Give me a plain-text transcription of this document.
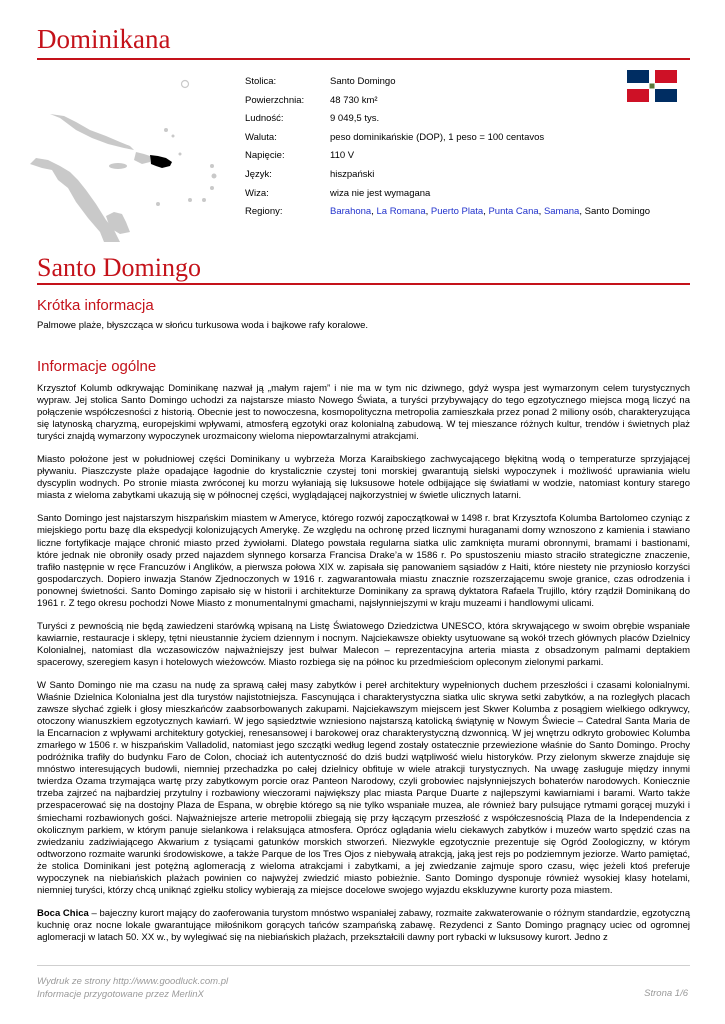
Dominikana
Stolica:	Santo Domingo
Powierzchnia:	48 730 km²
Ludność:	9 049,5 tys.
Waluta:	peso dominikańskie (DOP), 1 peso = 100 centavos
Napięcie:	110 V
Język:	hiszpański
Wiza:	wiza nie jest wymagana
Regiony:	Barahona, La Romana, Puerto Plata, Punta Cana, Samana, Santo Domingo
Santo Domingo
Krótka informacja

Palmowe plaże, błyszcząca w słońcu turkusowa woda i bajkowe rafy koralowe.

Informacje ogólne

Krzysztof Kolumb odkrywając Dominikanę nazwał ją „małym rajem” i nie ma w tym nic dziwnego, gdyż wyspa jest wymarzonym celem turystycznych wypraw. Jej stolica Santo Domingo uchodzi za najstarsze miasto Nowego Świata, a turyści przybywający do tego egzotycznego miejsca mogą liczyć na połączenie współczesności z historią. Obecnie jest to nowoczesna, kosmopolityczna metropolia zamieszkała przez ponad 2 miliony osób, charakteryzująca się latynoską charyzmą, europejskimi wpływami, atmosferą egzotyki oraz kolonialną zabudową. W tej mieszance różnych kultur, trendów i świetnych plaż turyści znajdą wymarzony wypoczynek urozmaicony wieloma niepowtarzalnymi atrakcjami.

Miasto położone jest w południowej części Dominikany u wybrzeża Morza Karaibskiego zachwycającego błękitną wodą o temperaturze sprzyjającej pływaniu. Piaszczyste plaże opadające łagodnie do krystalicznie czystej toni morskiej gwarantują sielski wypoczynek i możliwość uprawiania wielu dyscyplin wodnych. Po stronie miasta zwróconej ku morzu wyłaniają się luksusowe hotele odbijające się światłami w wodzie, natomiast kontury starego miasta z wieloma zabytkami ukazują się w północnej części, wyglądającej najkorzystniej w świetle ulicznych latarni.

Santo Domingo jest najstarszym hiszpańskim miastem w Ameryce, którego rozwój zapoczątkował w 1498 r. brat Krzysztofa Kolumba Bartolomeo czyniąc z miejskiego portu bazę dla ekspedycji kolonizujących Amerykę. Ze względu na ochronę przed licznymi huraganami domy wznoszono z kamienia i stawiano liczne fortyfikacje mające chronić miasto przed żywiołami. Dlatego powstała regularna siatka ulic zamknięta murami obronnymi, bramami i bastionami, które jednak nie obroniły osady przed najazdem słynnego korsarza Francisa Drake’a w 1586 r. Po spustoszeniu miasto straciło strategiczne znaczenie, trafiło następnie w ręce Francuzów i Anglików, a pierwsza połowa XIX w. zapisała się panowaniem sąsiadów z Haiti, które niestety nie przyniosło korzyści gospodarczych. Dopiero inwazja Stanów Zjednoczonych w 1916 r. zagwarantowała miastu znacznie rozszerzającemu swoje granice, czas odrodzenia i ponownej świetności. Santo Domingo zapisało się w historii i architekturze Dominikany za sprawą dyktatora Rafaela Trujillo, który rządził Dominikaną do 1961 r. Z tego okresu pochodzi Nowe Miasto z monumentalnymi gmachami, najsłynniejszymi w kraju muzeami i handlowymi ulicami.

Turyści z pewnością nie będą zawiedzeni starówką wpisaną na Listę Światowego Dziedzictwa UNESCO, która skrywającego w swoim obrębie wspaniałe kawiarnie, restauracje i sklepy, tętni nieustannie życiem dziennym i nocnym. Najciekawsze obiekty usytuowane są wokół trzech głównych placów Dzielnicy Kolonialnej, natomiast dla wczasowiczów najważniejszy jest bulwar Malecon – reprezentacyjna arteria miasta z obsadzonym palmami deptakiem spacerowy, szeregiem kasyn i hotelowych wieżowców. Miasto rozbiega się na północ ku przedmieściom opleconym zielonymi parkami.

W Santo Domingo nie ma czasu na nudę za sprawą całej masy zabytków i pereł architektury wypełnionych duchem przeszłości i czasami kolonialnymi. Właśnie Dzielnica Kolonialna jest dla turystów najistotniejsza. Fascynująca i charakterystyczna siatka ulic skrywa setki zabytków, a na rozległych placach zawsze słychać zgiełk i głosy mieszkańców zaabsorbowanych zakupami. Najciekawszym miejscem jest Skwer Kolumba z posągiem wielkiego odkrywcy, otoczony wianuszkiem egzotycznych kawiarń. W jego sąsiedztwie wzniesiono najstarszą katolicką świątynię w Nowym Świecie – Catedral Santa Maria de la Encarnacion z wpływami architektury gotyckiej, renesansowej i barokowej oraz charakterystyczną dzwonnicą. W jej wnętrzu odkryto grobowiec Kolumba zmarłego w 1506 r. w hiszpańskim Valladolid, natomiast jego szczątki według legend zostały ostatecznie przewiezione właśnie do Santo Domingo. Prochy podróżnika trafiły do budynku Faro de Colon, chociaż ich autentyczność do dziś budzi wątpliwość wielu historyków. Przy zielonym skwerze znajduje się mnóstwo interesujących budowli, niemniej przechadzka po całej dzielnicy obfituje w wiele atrakcji turystycznych. Na uwagę zasługuje między innymi twierdza Ozama trzymająca wartę przy zabytkowym porcie oraz Panteon Narodowy, czyli grobowiec najsłynniejszych bohaterów narodowych. Koniecznie trzeba zajrzeć na najbardziej przytulny i rozbawiony wieczorami największy plac miasta Parque Duarte z najlepszymi kawiarniami i barami. Warto także przespacerować się na dostojny Plaza de Espana, w obrębie którego są nie tylko wspaniałe muzea, ale również bary pulsujące rytmami gorącej muzyki i śmiechami rozbawionych gości. Najważniejsze arterie metropolii zbiegają się przy łączącym przeszłość z współczesnością Plaza de la Independencia z okolicznym parkiem, w którym panuje sielankowa i relaksująca atmosfera. Oprócz oglądania wielu ciekawych zabytków i muzeów warto spędzić czas na zwiedzaniu zadziwiającego Akwarium z tysiącami gatunków morskich stworzeń. Niezwykle egzotycznie prezentuje się Ogród Zoologiczny, w którym odtworzono rozmaite warunki środowiskowe, a także Parque de los Tres Ojos z niebywałą atrakcją, jaką jest rejs po podziemnym jeziorze. Warto pamiętać, że stolica Dominikani jest potężną aglomeracją z wieloma atrakcjami i zabytkami, a jej zwiedzanie zajmuje sporo czasu, więc jeżeli ktoś preferuje wypoczynek na niebiańskich plażach powinien co najwyżej zwiedzić miasto pobieżnie. Santo Domingo dysponuje również wysokiej klasy hotelami, niemniej turyści, którzy chcą uniknąć zgiełku stolicy wybierają za miejsce docelowe swojego wyjazdu ekskluzywne kurorty poza miastem.

Boca Chica – bajeczny kurort mający do zaoferowania turystom mnóstwo wspaniałej zabawy, rozmaite zakwaterowanie o różnym standardzie, egzotyczną kuchnię oraz nocne lokale gwarantujące miłośnikom gorących tańców szampańską zabawę. Rezydenci z Santo Domingo pragnący uciec od ogromnej aglomeracji w latach 50. XX w., by wylegiwać się na niebiańskich plażach, przekształcili dawny port rybacki w luksusowy kurort. Jedno z

Wydruk ze strony http://www.goodluck.com.pl
Informacje przygotowane przez MerlinX	Strona 1/6
